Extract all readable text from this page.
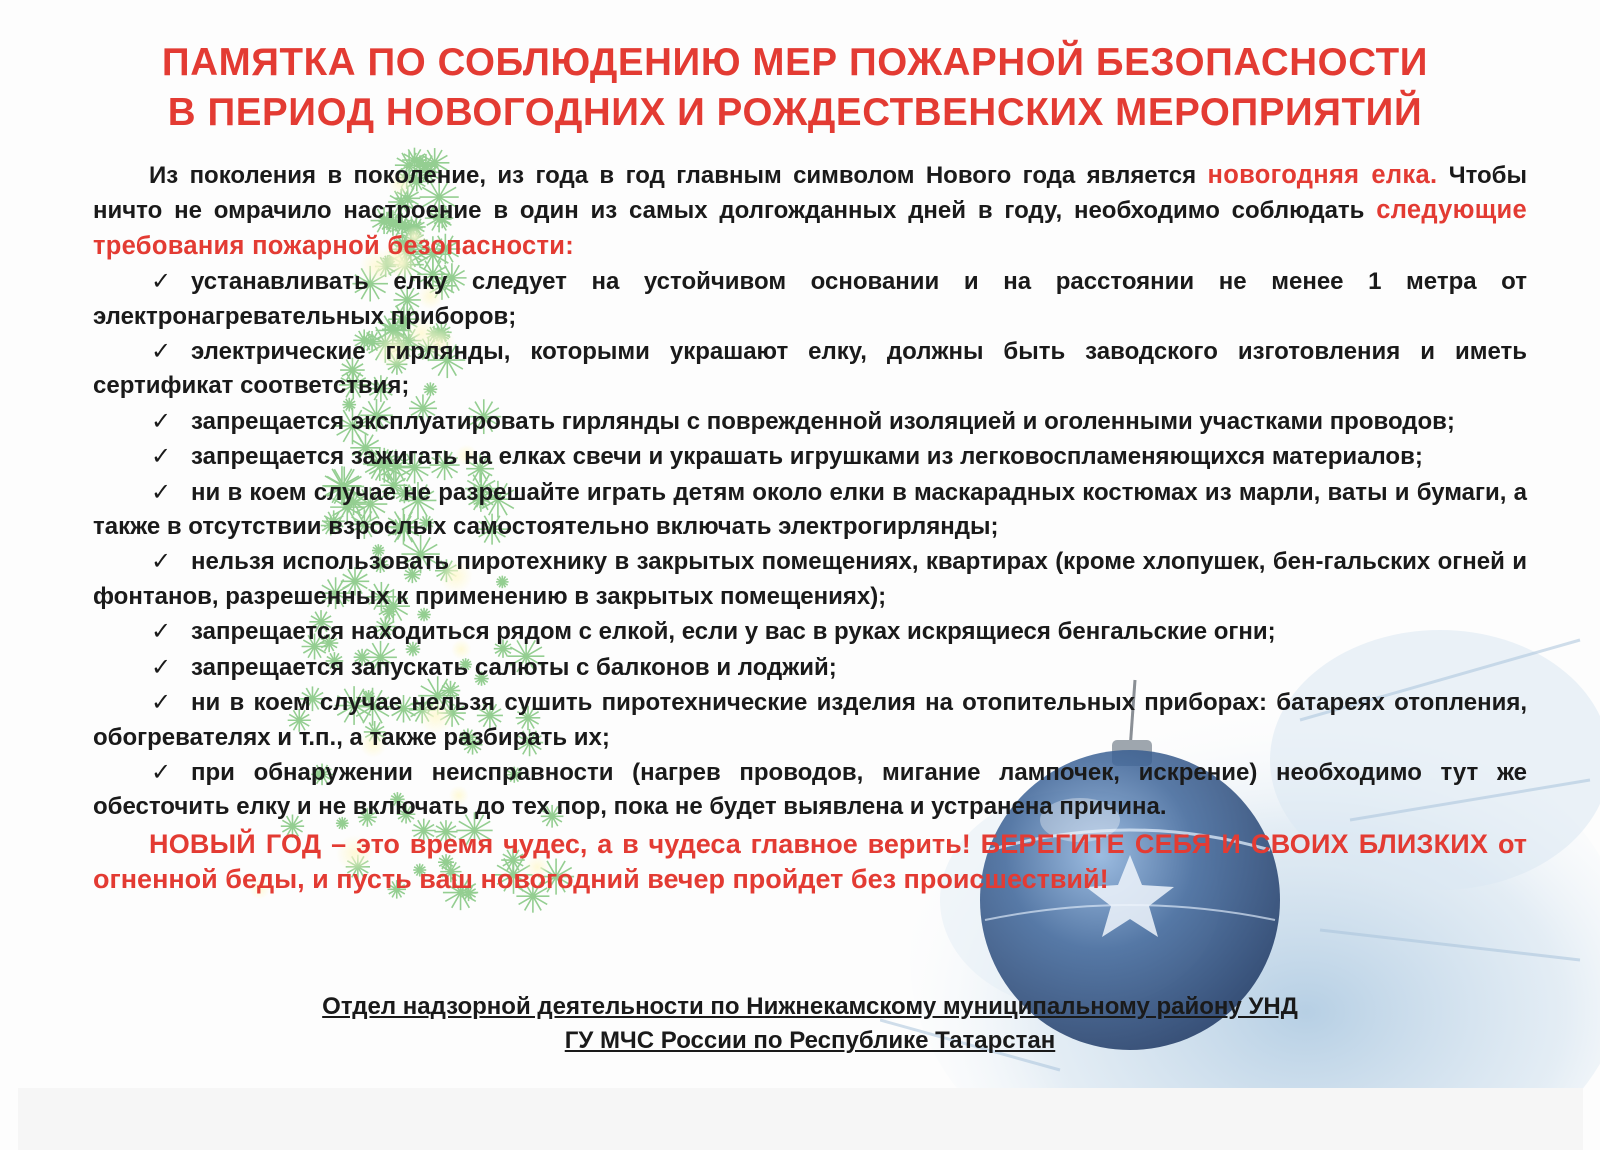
ПАМЯТКА ПО СОБЛЮДЕНИЮ МЕР ПОЖАРНОЙ БЕЗОПАСНОСТИ
В ПЕРИОД НОВОГОДНИХ И РОЖДЕСТВЕНСКИХ МЕРОПРИЯТИЙ

Из поколения в поколение, из года в год главным символом Нового года является новогодняя елка. Чтобы ничто не омрачило настроение в один из самых долгожданных дней в году, необходимо соблюдать следующие требования пожарной безопасности:

✓ устанавливать елку следует на устойчивом основании и на расстоянии не менее 1 метра от электронагревательных приборов;

✓ электрические гирлянды, которыми украшают елку, должны быть заводского изготовления и иметь сертификат соответствия;

✓ запрещается эксплуатировать гирлянды с поврежденной изоляцией и оголенными участками проводов;

✓ запрещается зажигать на елках свечи и украшать игрушками из легковоспламеняющихся материалов;

✓ ни в коем случае не разрешайте играть детям около елки в маскарадных костюмах из марли, ваты и бумаги, а также в отсутствии взрослых самостоятельно включать электрогирлянды;

✓ нельзя использовать пиротехнику в закрытых помещениях, квартирах (кроме хлопушек, бен-гальских огней и фонтанов, разрешенных к применению в закрытых помещениях);

✓ запрещается находиться рядом с елкой, если у вас в руках искрящиеся бенгальские огни;

✓ запрещается запускать салюты с балконов и лоджий;

✓ ни в коем случае нельзя сушить пиротехнические изделия на отопительных приборах: батареях отопления, обогревателях и т.п., а также разбирать их;

✓ при обнаружении неисправности (нагрев проводов, мигание лампочек, искрение) необходимо тут же обесточить елку и не включать до тех пор, пока не будет выявлена и устранена причина.

НОВЫЙ ГОД – это время чудес, а в чудеса главное верить! БЕРЕГИТЕ СЕБЯ И СВОИХ БЛИЗКИХ от огненной беды, и пусть ваш новогодний вечер пройдет без происшествий!

Отдел надзорной деятельности по Нижнекамскому муниципальному району УНД
ГУ МЧС России по Республике Татарстан
